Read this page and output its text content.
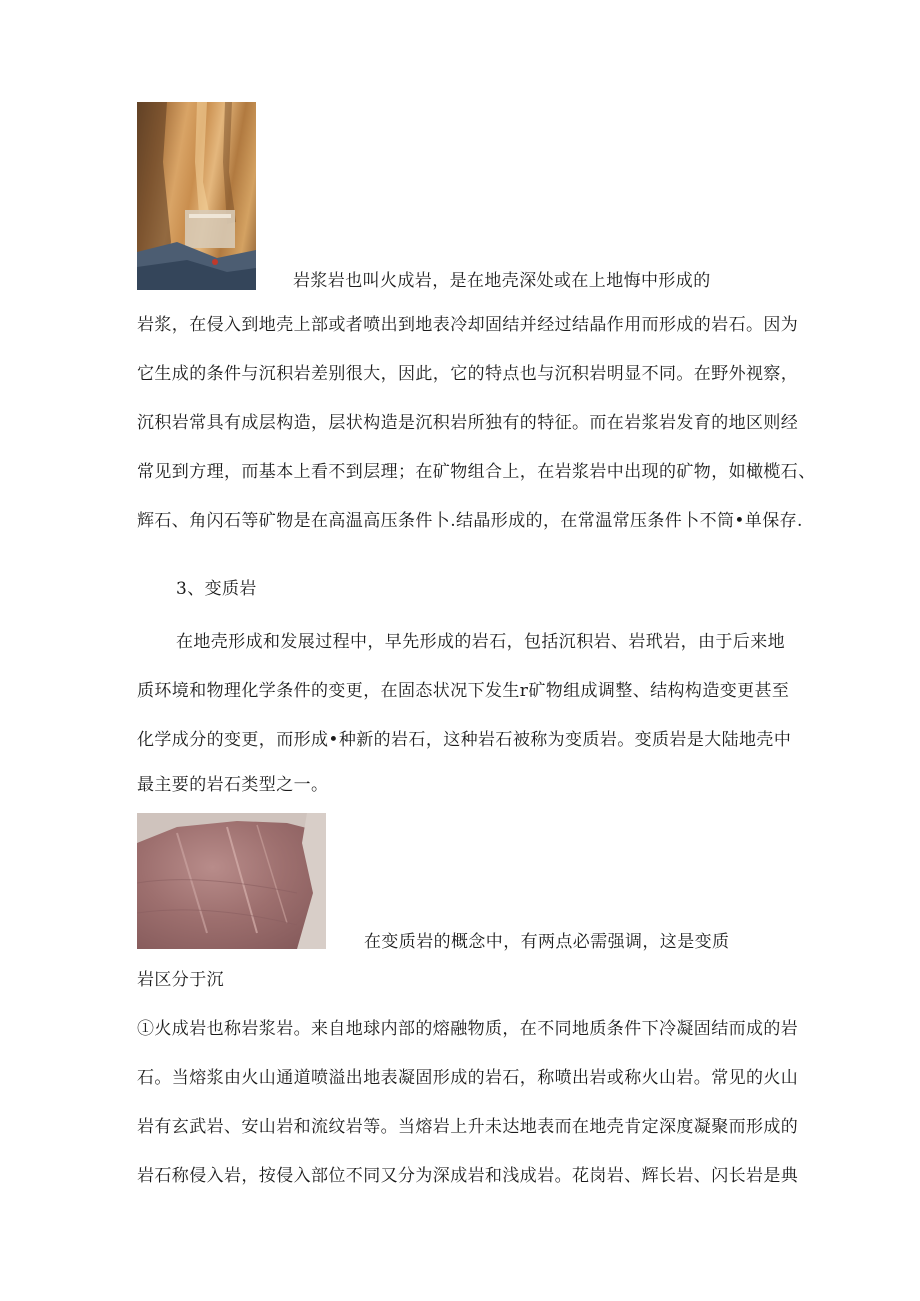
岩浆岩也叫火成岩，是在地壳深处或在上地悔中形成的
岩浆，在侵入到地壳上部或者喷出到地表冷却固结并经过结晶作用而形成的岩石。因为
它生成的条件与沉积岩差别很大，因此，它的特点也与沉积岩明显不同。在野外视察，
沉积岩常具有成层构造，层状构造是沉积岩所独有的特征。而在岩浆岩发育的地区则经
常见到方理，而基本上看不到层理；在矿物组合上，在岩浆岩中出现的矿物，如橄榄石、
辉石、角闪石等矿物是在高温高压条件卜.结晶形成的，在常温常压条件卜不筒•单保存.
3、变质岩
在地壳形成和发展过程中，早先形成的岩石，包括沉积岩、岩玳岩，由于后来地
质环境和物理化学条件的变更，在固态状况下发生r矿物组成调整、结构构造变更甚至
化学成分的变更，而形成•种新的岩石，这种岩石被称为变质岩。变质岩是大陆地壳中
最主要的岩石类型之一。
在变质岩的概念中，有两点必需强调，这是变质
岩区分于沉
①火成岩也称岩浆岩。来自地球内部的熔融物质，在不同地质条件下冷凝固结而成的岩
石。当熔浆由火山通道喷溢出地表凝固形成的岩石，称喷出岩或称火山岩。常见的火山
岩有玄武岩、安山岩和流纹岩等。当熔岩上升未达地表而在地壳肯定深度凝聚而形成的
岩石称侵入岩，按侵入部位不同又分为深成岩和浅成岩。花岗岩、辉长岩、闪长岩是典
